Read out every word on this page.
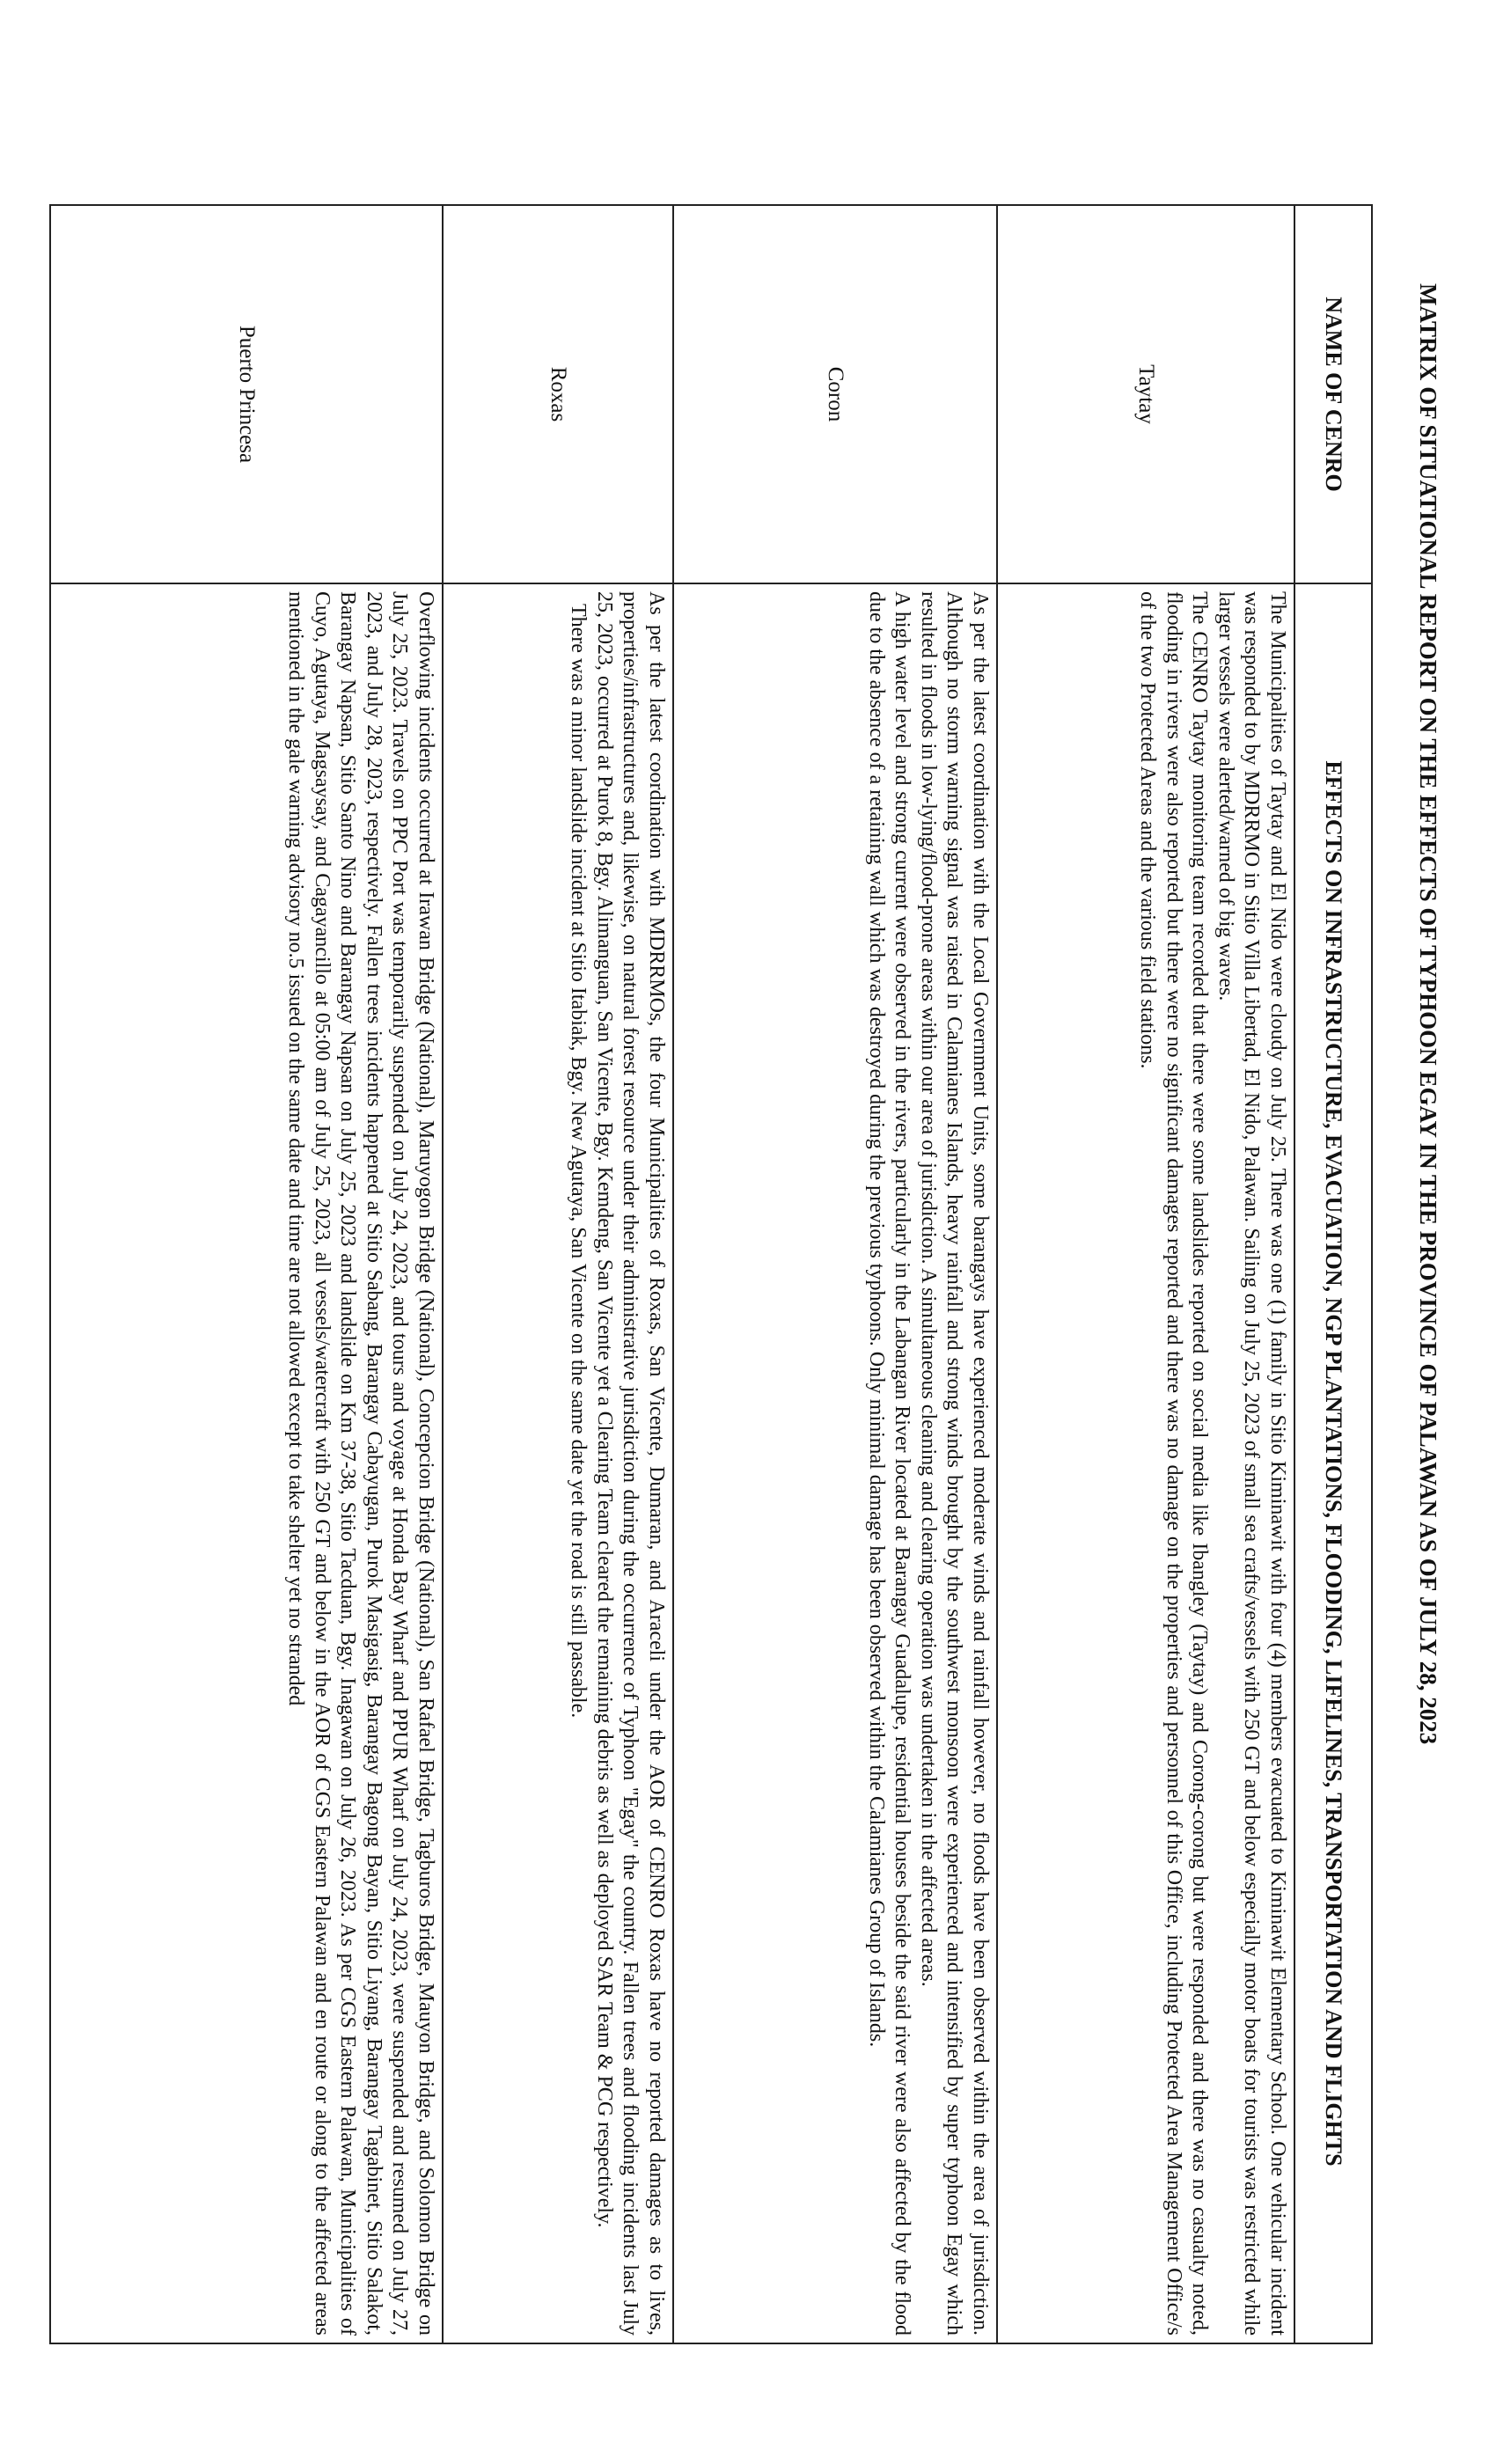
MATRIX OF SITUATIONAL REPORT ON THE EFFECTS OF TYPHOON EGAY IN THE PROVINCE OF PALAWAN AS OF JULY 28, 2023
NAME OF CENRO	EFFECTS ON INFRASTRUCTURE, EVACUATION, NGP PLANTATIONS, FLOODING, LIFELINES, TRANSPORTATION AND FLIGHTS
Taytay	The Municipalities of Taytay and El Nido were cloudy on July 25. There was one (1) family in Sitio Kiminawit with four (4) members evacuated to Kiminawit Elementary School. One vehicular incident was responded to by MDRRMO in Sitio Villa Libertad, El Nido, Palawan. Sailing on July 25, 2023 of small sea crafts/vessels with 250 GT and below especially motor boats for tourists was restricted while larger vessels were alerted/warned of big waves.

The CENRO Taytay monitoring team recorded that there were some landslides reported on social media like Ibangley (Taytay) and Corong-corong but were responded and there was no casualty noted, flooding in rivers were also reported but there were no significant damages reported and there was no damage on the properties and personnel of this Office, including Protected Area Management Office/s of the two Protected Areas and the various field stations.

Coron	As per the latest coordination with the Local Government Units, some barangays have experienced moderate winds and rainfall however, no floods have been observed within the area of jurisdiction. Although no storm warning signal was raised in Calamianes Islands, heavy rainfall and strong winds brought by the southwest monsoon were experienced and intensified by super typhoon Egay which resulted in floods in low-lying/flood-prone areas within our area of jurisdiction. A simultaneous cleaning and clearing operation was undertaken in the affected areas.

A high water level and strong current were observed in the rivers, particularly in the Labangan River located at Barangay Guadalupe, residential houses beside the said river were also affected by the flood due to the absence of a retaining wall which was destroyed during the previous typhoons. Only minimal damage has been observed within the Calamianes Group of Islands.

Roxas	As per the latest coordination with MDRRMOs, the four Municipalities of Roxas, San Vicente, Dumaran, and Araceli under the AOR of CENRO Roxas have no reported damages as to lives, properties/infrastructures and, likewise, on natural forest resource under their administrative jurisdiction during the occurrence of Typhoon "Egay" the country. Fallen trees and flooding incidents last July 25, 2023, occurred at Purok 8, Bgy. Alimanguan, San Vicente, Bgy. Kemdeng, San Vicente yet a Clearing Team cleared the remaining debris as well as deployed SAR Team & PCG respectively.

There was a minor landslide incident at Sitio Itabiak, Bgy. New Agutaya, San Vicente on the same date yet the road is still passable.

Puerto Princesa	Overflowing incidents occurred at Irawan Bridge (National), Maruyogon Bridge (National), Concepcion Bridge (National), San Rafael Bridge, Tagburos Bridge, Mauyon Bridge, and Solomon Bridge on July 25, 2023. Travels on PPC Port was temporarily suspended on July 24, 2023, and tours and voyage at Honda Bay Wharf and PPUR Wharf on July 24, 2023, were suspended and resumed on July 27, 2023, and July 28, 2023, respectively. Fallen trees incidents happened at Sitio Sabang, Barangay Cabayugan, Purok Masigasig, Barangay Bagong Bayan, Sitio Liyang, Barangay Tagabinet, Sitio Salakot, Barangay Napsan, Sitio Santo Nino and Barangay Napsan on July 25, 2023 and landslide on Km 37-38, Sitio Tacduan, Bgy. Inagawan on July 26, 2023. As per CGS Eastern Palawan, Municipalities of Cuyo, Agutaya, Magsaysay, and Cagayancillo at 05:00 am of July 25, 2023, all vessels/watercraft with 250 GT and below in the AOR of CGS Eastern Palawan and en route or along to the affected areas mentioned in the gale warning advisory no.5 issued on the same date and time are not allowed except to take shelter yet no stranded
